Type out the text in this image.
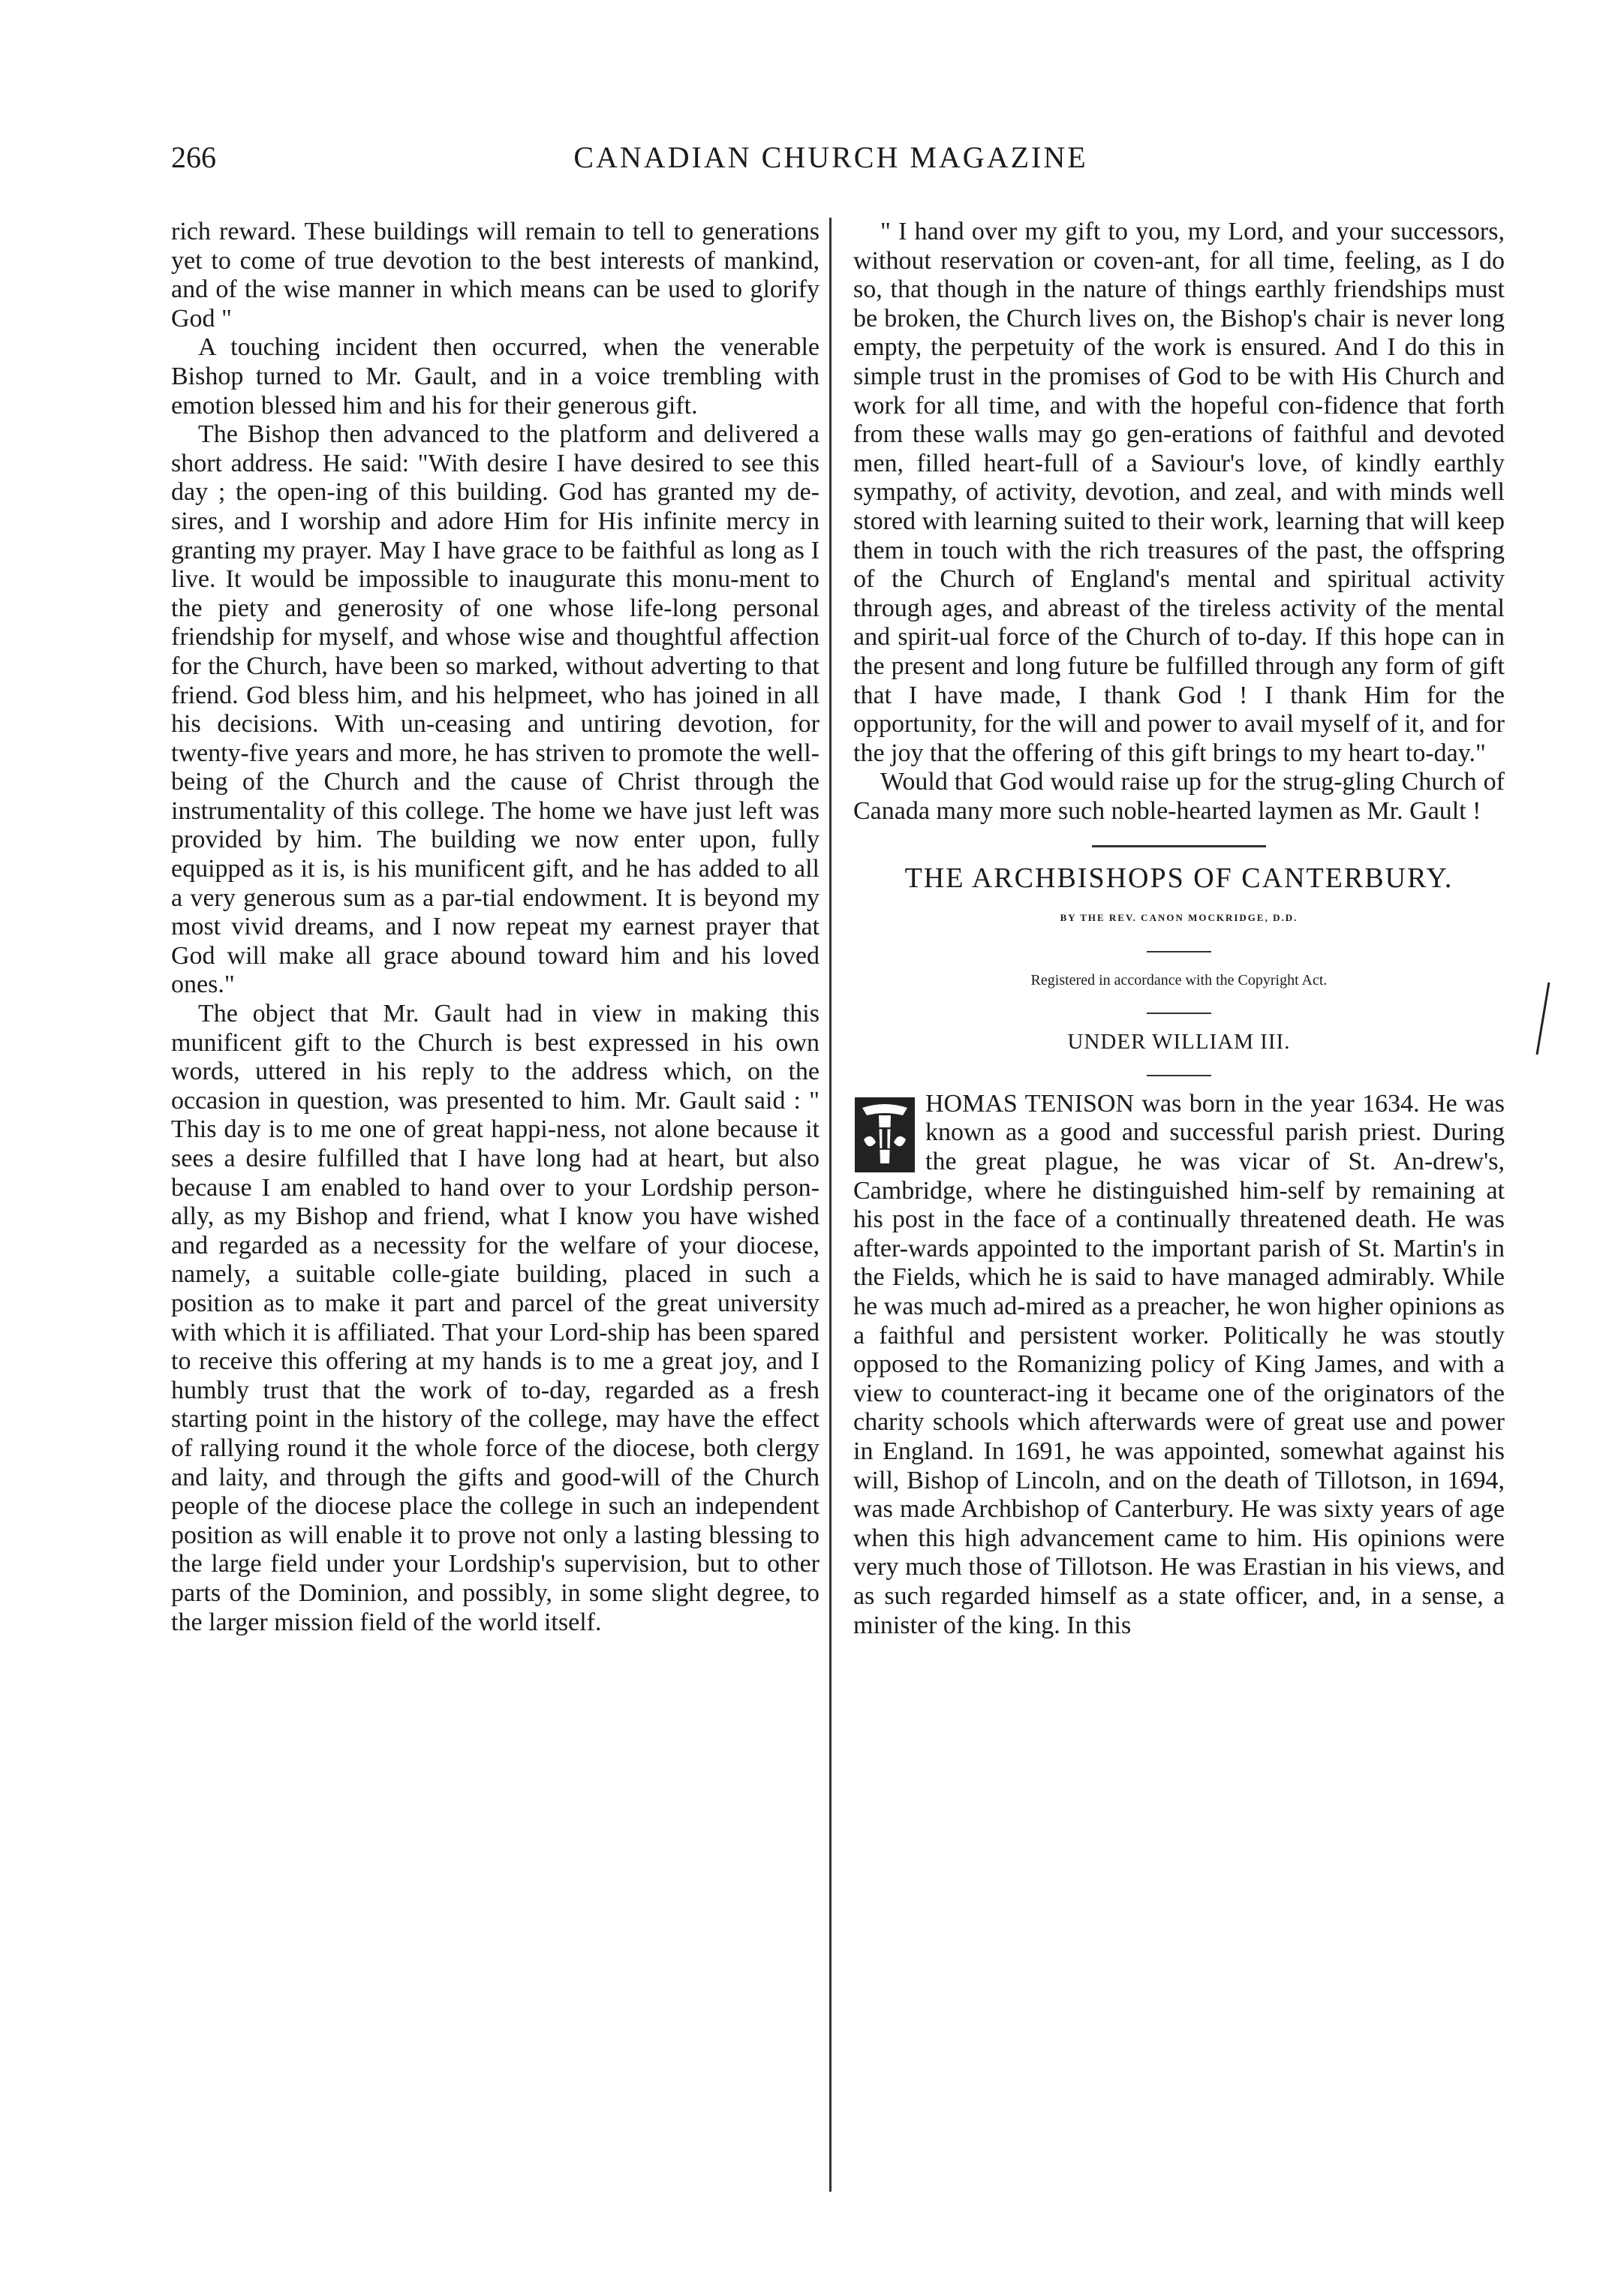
266	CANADIAN CHURCH MAGAZINE

rich reward. These buildings will remain to tell to generations yet to come of true devotion to the best interests of mankind, and of the wise manner in which means can be used to glorify God "

A touching incident then occurred, when the venerable Bishop turned to Mr. Gault, and in a voice trembling with emotion blessed him and his for their generous gift.

The Bishop then advanced to the platform and delivered a short address. He said: "With desire I have desired to see this day ; the open-ing of this building. God has granted my de-sires, and I worship and adore Him for His infinite mercy in granting my prayer. May I have grace to be faithful as long as I live. It would be impossible to inaugurate this monu-ment to the piety and generosity of one whose life-long personal friendship for myself, and whose wise and thoughtful affection for the Church, have been so marked, without adverting to that friend. God bless him, and his helpmeet, who has joined in all his decisions. With un-ceasing and untiring devotion, for twenty-five years and more, he has striven to promote the well-being of the Church and the cause of Christ through the instrumentality of this college. The home we have just left was provided by him. The building we now enter upon, fully equipped as it is, is his munificent gift, and he has added to all a very generous sum as a par-tial endowment. It is beyond my most vivid dreams, and I now repeat my earnest prayer that God will make all grace abound toward him and his loved ones."

The object that Mr. Gault had in view in making this munificent gift to the Church is best expressed in his own words, uttered in his reply to the address which, on the occasion in question, was presented to him. Mr. Gault said : " This day is to me one of great happi-ness, not alone because it sees a desire fulfilled that I have long had at heart, but also because I am enabled to hand over to your Lordship person-ally, as my Bishop and friend, what I know you have wished and regarded as a necessity for the welfare of your diocese, namely, a suitable colle-giate building, placed in such a position as to make it part and parcel of the great university with which it is affiliated. That your Lord-ship has been spared to receive this offering at my hands is to me a great joy, and I humbly trust that the work of to-day, regarded as a fresh starting point in the history of the college, may have the effect of rallying round it the whole force of the diocese, both clergy and laity, and through the gifts and good-will of the Church people of the diocese place the college in such an independent position as will enable it to prove not only a lasting blessing to the large field under your Lordship's supervision, but to other parts of the Dominion, and possibly, in some slight degree, to the larger mission field of the world itself.

" I hand over my gift to you, my Lord, and your successors, without reservation or coven-ant, for all time, feeling, as I do so, that though in the nature of things earthly friendships must be broken, the Church lives on, the Bishop's chair is never long empty, the perpetuity of the work is ensured. And I do this in simple trust in the promises of God to be with His Church and work for all time, and with the hopeful con-fidence that forth from these walls may go gen-erations of faithful and devoted men, filled heart-full of a Saviour's love, of kindly earthly sympathy, of activity, devotion, and zeal, and with minds well stored with learning suited to their work, learning that will keep them in touch with the rich treasures of the past, the offspring of the Church of England's mental and spiritual activity through ages, and abreast of the tireless activity of the mental and spirit-ual force of the Church of to-day. If this hope can in the present and long future be fulfilled through any form of gift that I have made, I thank God ! I thank Him for the opportunity, for the will and power to avail myself of it, and for the joy that the offering of this gift brings to my heart to-day."

Would that God would raise up for the strug-gling Church of Canada many more such noble-hearted laymen as Mr. Gault !

THE ARCHBISHOPS OF CANTERBURY.
BY THE REV. CANON MOCKRIDGE, D.D.
Registered in accordance with the Copyright Act.
UNDER WILLIAM III.

T
HOMAS TENISON was born in the year 1634. He was known as a good and successful parish priest. During the great plague, he was vicar of St. An-drew's, Cambridge, where he distinguished him-self by remaining at his post in the face of a continually threatened death. He was after-wards appointed to the important parish of St. Martin's in the Fields, which he is said to have managed admirably. While he was much ad-mired as a preacher, he won higher opinions as a faithful and persistent worker. Politically he was stoutly opposed to the Romanizing policy of King James, and with a view to counteract-ing it became one of the originators of the charity schools which afterwards were of great use and power in England. In 1691, he was appointed, somewhat against his will, Bishop of Lincoln, and on the death of Tillotson, in 1694, was made Archbishop of Canterbury. He was sixty years of age when this high advancement came to him. His opinions were very much those of Tillotson. He was Erastian in his views, and as such regarded himself as a state officer, and, in a sense, a minister of the king. In this
